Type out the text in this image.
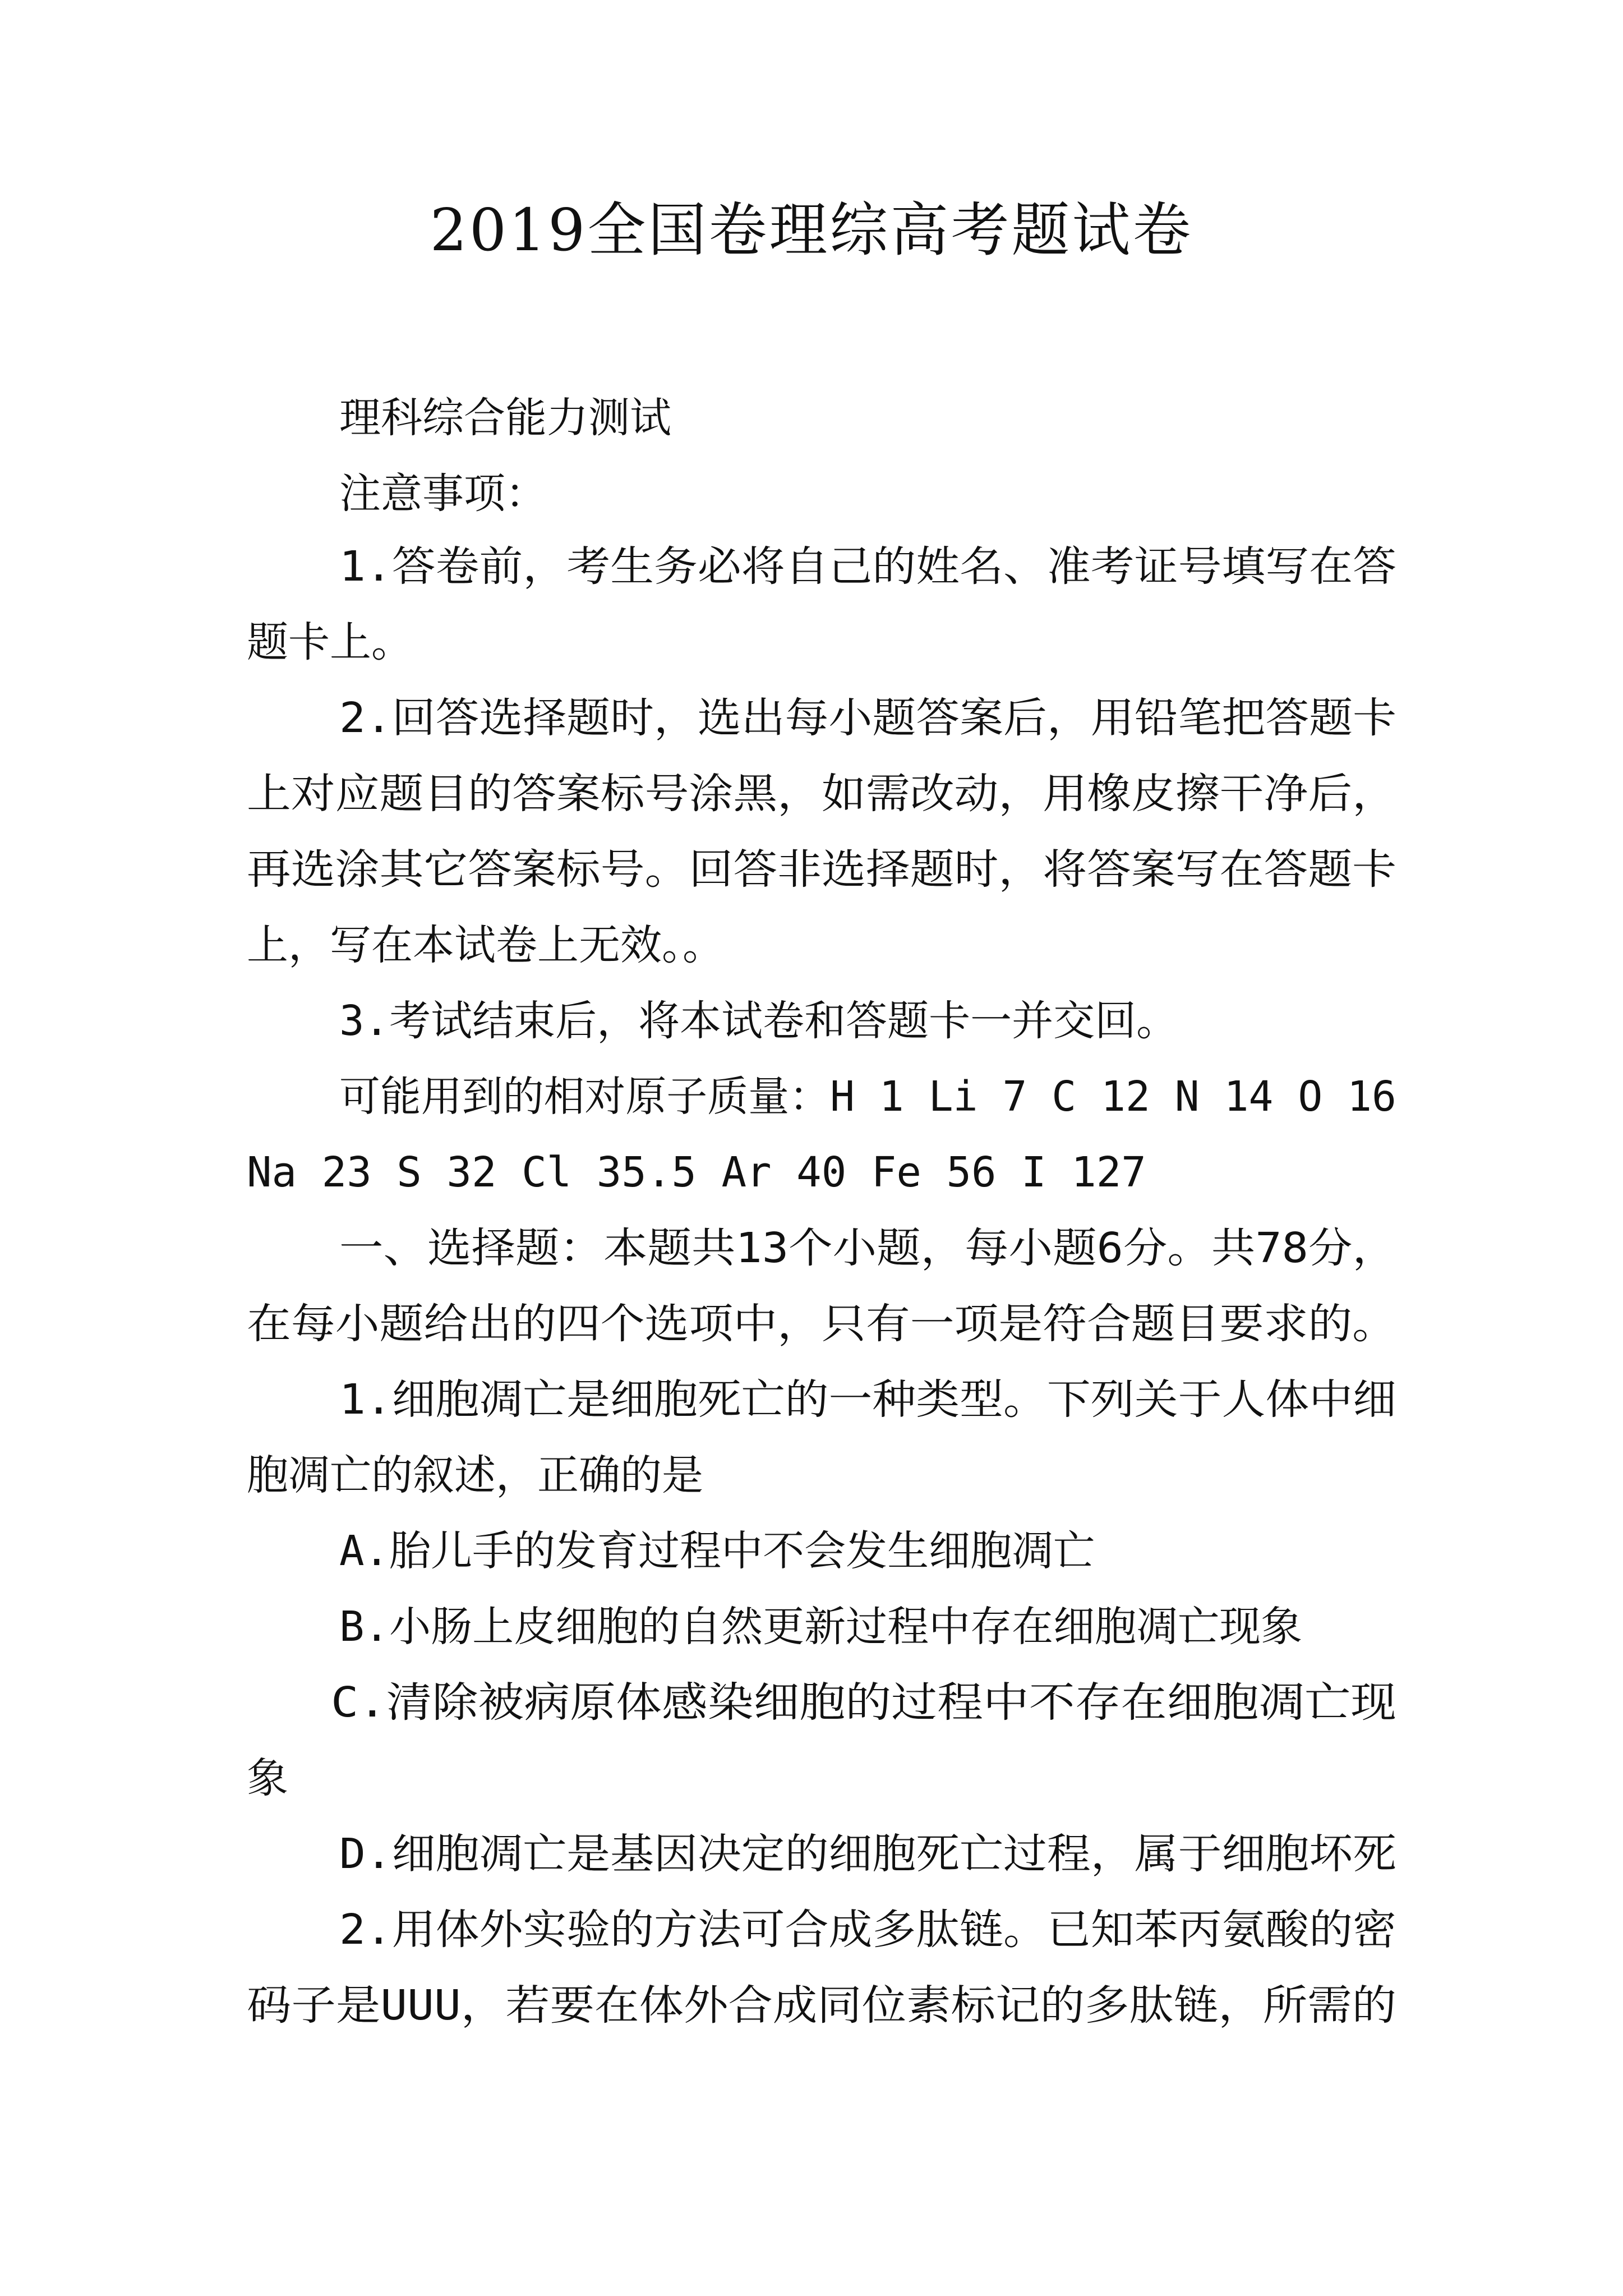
2019全国卷理综高考题试卷

理科综合能力测试

注意事项：

1.答卷前，考生务必将自己的姓名、准考证号填写在答

题卡上。

2.回答选择题时，选出每小题答案后，用铅笔把答题卡

上对应题目的答案标号涂黑，如需改动，用橡皮擦干净后，

再选涂其它答案标号。回答非选择题时，将答案写在答题卡

上，写在本试卷上无效。。

3.考试结束后，将本试卷和答题卡一并交回。

可能用到的相对原子质量：H 1 Li 7 C 12 N 14 O 16

Na 23 S 32 Cl 35.5 Ar 40 Fe 56 I 127

一、选择题：本题共13个小题，每小题6分。共78分，

在每小题给出的四个选项中，只有一项是符合题目要求的。

1.细胞凋亡是细胞死亡的一种类型。下列关于人体中细

胞凋亡的叙述，正确的是

A.胎儿手的发育过程中不会发生细胞凋亡

B.小肠上皮细胞的自然更新过程中存在细胞凋亡现象

C.清除被病原体感染细胞的过程中不存在细胞凋亡现

象

D.细胞凋亡是基因决定的细胞死亡过程，属于细胞坏死

2.用体外实验的方法可合成多肽链。已知苯丙氨酸的密

码子是UUU，若要在体外合成同位素标记的多肽链，所需的
